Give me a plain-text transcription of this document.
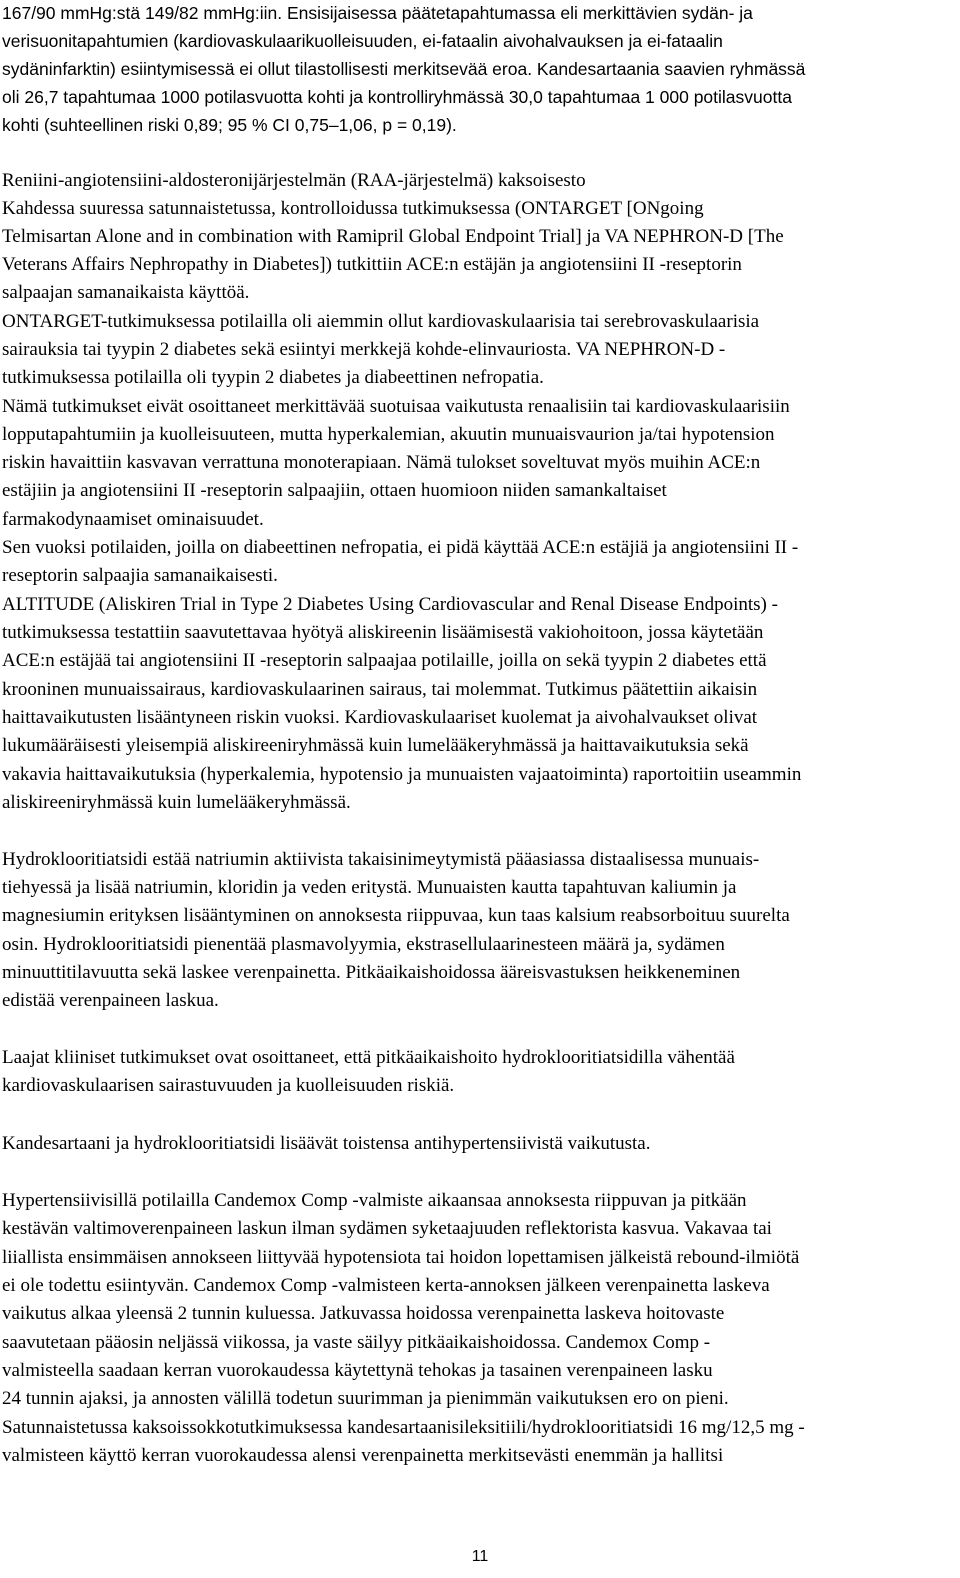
167/90 mmHg:stä 149/82 mmHg:iin. Ensisijaisessa päätetapahtumassa eli merkittävien sydän- ja
verisuonitapahtumien (kardiovaskulaarikuolleisuuden, ei-fataalin aivohalvauksen ja ei-fataalin
sydäninfarktin) esiintymisessä ei ollut tilastollisesti merkitsevää eroa. Kandesartaania saavien ryhmässä
oli 26,7 tapahtumaa 1000 potilasvuotta kohti ja kontrolliryhmässä 30,0 tapahtumaa 1 000 potilasvuotta
kohti (suhteellinen riski 0,89; 95 % CI 0,75–1,06, p = 0,19).
Reniini-angiotensiini-aldosteronijärjestelmän (RAA-järjestelmä) kaksoisesto
Kahdessa suuressa satunnaistetussa, kontrolloidussa tutkimuksessa (ONTARGET [ONgoing
Telmisartan Alone and in combination with Ramipril Global Endpoint Trial] ja VA NEPHRON-D [The
Veterans Affairs Nephropathy in Diabetes]) tutkittiin ACE:n estäjän ja angiotensiini II -reseptorin
salpaajan samanaikaista käyttöä.
ONTARGET-tutkimuksessa potilailla oli aiemmin ollut kardiovaskulaarisia tai serebrovaskulaarisia
sairauksia tai tyypin 2 diabetes sekä esiintyi merkkejä kohde-elinvauriosta. VA NEPHRON-D -
tutkimuksessa potilailla oli tyypin 2 diabetes ja diabeettinen nefropatia.
Nämä tutkimukset eivät osoittaneet merkittävää suotuisaa vaikutusta renaalisiin tai kardiovaskulaarisiin
lopputapahtumiin ja kuolleisuuteen, mutta hyperkalemian, akuutin munuaisvaurion ja/tai hypotension
riskin havaittiin kasvavan verrattuna monoterapiaan. Nämä tulokset soveltuvat myös muihin ACE:n
estäjiin ja angiotensiini II -reseptorin salpaajiin, ottaen huomioon niiden samankaltaiset
farmakodynaamiset ominaisuudet.
Sen vuoksi potilaiden, joilla on diabeettinen nefropatia, ei pidä käyttää ACE:n estäjiä ja angiotensiini II -
reseptorin salpaajia samanaikaisesti.
ALTITUDE (Aliskiren Trial in Type 2 Diabetes Using Cardiovascular and Renal Disease Endpoints) -
tutkimuksessa testattiin saavutettavaa hyötyä aliskireenin lisäämisestä vakiohoitoon, jossa käytetään
ACE:n estäjää tai angiotensiini II -reseptorin salpaajaa potilaille, joilla on sekä tyypin 2 diabetes että
krooninen munuaissairaus, kardiovaskulaarinen sairaus, tai molemmat. Tutkimus päätettiin aikaisin
haittavaikutusten lisääntyneen riskin vuoksi. Kardiovaskulaariset kuolemat ja aivohalvaukset olivat
lukumääräisesti yleisempiä aliskireeniryhmässä kuin lumelääkeryhmässä ja haittavaikutuksia sekä
vakavia haittavaikutuksia (hyperkalemia, hypotensio ja munuaisten vajaatoiminta) raportoitiin useammin
aliskireeniryhmässä kuin lumelääkeryhmässä.
Hydroklooritiatsidi estää natriumin aktiivista takaisinimeytymistä pääasiassa distaalisessa munuais-
tiehyessä ja lisää natriumin, kloridin ja veden eritystä. Munuaisten kautta tapahtuvan kaliumin ja
magnesiumin erityksen lisääntyminen on annoksesta riippuvaa, kun taas kalsium reabsorboituu suurelta
osin. Hydroklooritiatsidi pienentää plasmavolyymia, ekstrasellulaarinesteen määrä ja, sydämen
minuuttitilavuutta sekä laskee verenpainetta. Pitkäaikaishoidossa ääreisvastuksen heikkeneminen
edistää verenpaineen laskua.
Laajat kliiniset tutkimukset ovat osoittaneet, että pitkäaikaishoito hydroklooritiatsidilla vähentää
kardiovaskulaarisen sairastuvuuden ja kuolleisuuden riskiä.
Kandesartaani ja hydroklooritiatsidi lisäävät toistensa antihypertensiivistä vaikutusta.
Hypertensiivisillä potilailla Candemox Comp -valmiste aikaansaa annoksesta riippuvan ja pitkään
kestävän valtimoverenpaineen laskun ilman sydämen syketaajuuden reflektorista kasvua. Vakavaa tai
liiallista ensimmäisen annokseen liittyvää hypotensiota tai hoidon lopettamisen jälkeistä rebound-ilmiötä
ei ole todettu esiintyvän. Candemox Comp -valmisteen kerta-annoksen jälkeen verenpainetta laskeva
vaikutus alkaa yleensä 2 tunnin kuluessa. Jatkuvassa hoidossa verenpainetta laskeva hoitovaste
saavutetaan pääosin neljässä viikossa, ja vaste säilyy pitkäaikaishoidossa. Candemox Comp -
valmisteella saadaan kerran vuorokaudessa käytettynä tehokas ja tasainen verenpaineen lasku
24 tunnin ajaksi, ja annosten välillä todetun suurimman ja pienimmän vaikutuksen ero on pieni.
Satunnaistetussa kaksoissokkotutkimuksessa kandesartaanisileksitiili/hydroklooritiatsidi 16 mg/12,5 mg -
valmisteen käyttö kerran vuorokaudessa alensi verenpainetta merkitsevästi enemmän ja hallitsi
11
